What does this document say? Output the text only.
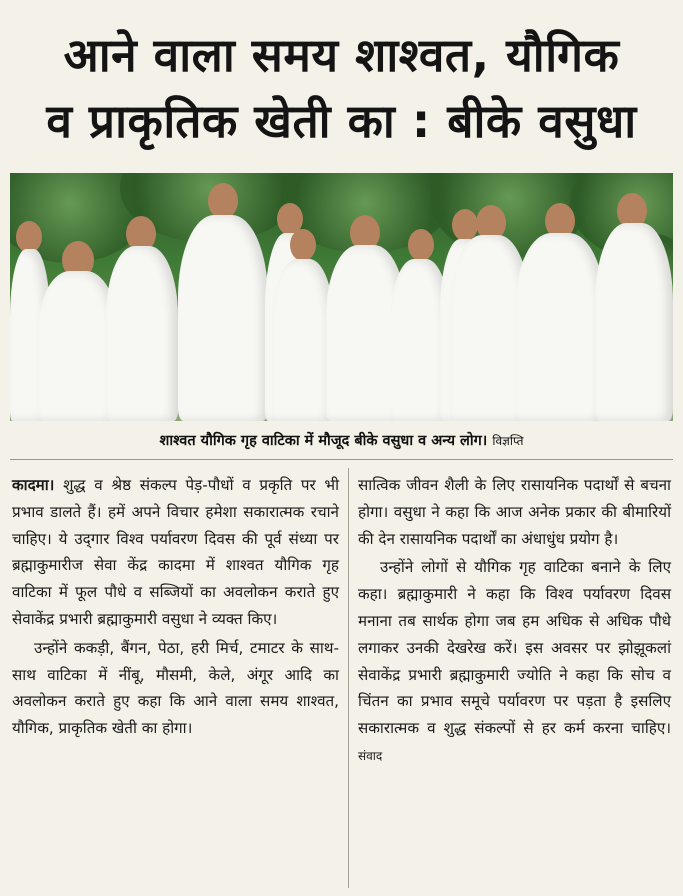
आने वाला समय शाश्वत, यौगिक
व प्राकृतिक खेती का : बीके वसुधा
शाश्वत यौगिक गृह वाटिका में मौजूद बीके वसुधा व अन्य लोग। विज्ञप्ति

कादमा। शुद्ध व श्रेष्ठ संकल्प पेड़-पौधों व प्रकृति पर भी प्रभाव डालते हैं। हमें अपने विचार हमेशा सकारात्मक रचाने चाहिए। ये उद्‌गार विश्व पर्यावरण दिवस की पूर्व संध्या पर ब्रह्माकुमारीज सेवा केंद्र कादमा में शाश्वत यौगिक गृह वाटिका में फूल पौधे व सब्जियों का अवलोकन कराते हुए सेवाकेंद्र प्रभारी ब्रह्माकुमारी वसुधा ने व्यक्त किए।

उन्होंने ककड़ी, बैंगन, पेठा, हरी मिर्च, टमाटर के साथ-साथ वाटिका में नींबू, मौसमी, केले, अंगूर आदि का अवलोकन कराते हुए कहा कि आने वाला समय शाश्वत, यौगिक, प्राकृतिक खेती का होगा।

सात्विक जीवन शैली के लिए रासायनिक पदार्थों से बचना होगा। वसुधा ने कहा कि आज अनेक प्रकार की बीमारियों की देन रासायनिक पदार्थों का अंधाधुंध प्रयोग है।

उन्होंने लोगों से यौगिक गृह वाटिका बनाने के लिए कहा। ब्रह्माकुमारी ने कहा कि विश्व पर्यावरण दिवस मनाना तब सार्थक होगा जब हम अधिक से अधिक पौधे लगाकर उनकी देखरेख करें। इस अवसर पर झोझूकलां सेवाकेंद्र प्रभारी ब्रह्माकुमारी ज्योति ने कहा कि सोच व चिंतन का प्रभाव समूचे पर्यावरण पर पड़ता है इसलिए सकारात्मक व शुद्ध संकल्पों से हर कर्म करना चाहिए। संवाद
